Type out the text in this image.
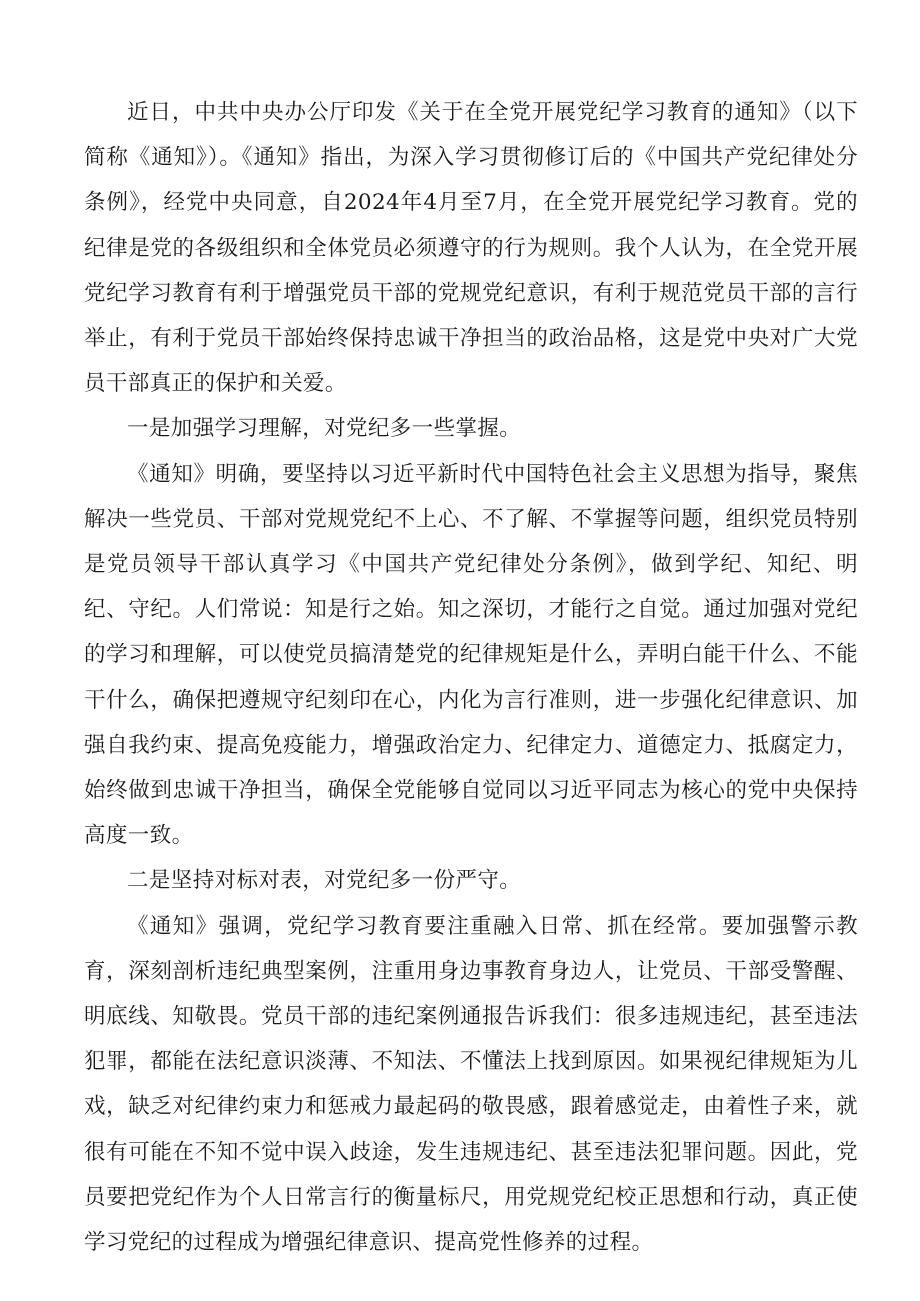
近日，中共中央办公厅印发《关于在全党开展党纪学习教育的通知》（以下简称《通知》）。《通知》指出，为深入学习贯彻修订后的《中国共产党纪律处分条例》，经党中央同意，自2024年4月至7月，在全党开展党纪学习教育。党的纪律是党的各级组织和全体党员必须遵守的行为规则。我个人认为，在全党开展党纪学习教育有利于增强党员干部的党规党纪意识，有利于规范党员干部的言行举止，有利于党员干部始终保持忠诚干净担当的政治品格，这是党中央对广大党员干部真正的保护和关爱。

一是加强学习理解，对党纪多一些掌握。

《通知》明确，要坚持以习近平新时代中国特色社会主义思想为指导，聚焦解决一些党员、干部对党规党纪不上心、不了解、不掌握等问题，组织党员特别是党员领导干部认真学习《中国共产党纪律处分条例》，做到学纪、知纪、明纪、守纪。人们常说：知是行之始。知之深切，才能行之自觉。通过加强对党纪的学习和理解，可以使党员搞清楚党的纪律规矩是什么，弄明白能干什么、不能干什么，确保把遵规守纪刻印在心，内化为言行准则，进一步强化纪律意识、加强自我约束、提高免疫能力，增强政治定力、纪律定力、道德定力、抵腐定力，始终做到忠诚干净担当，确保全党能够自觉同以习近平同志为核心的党中央保持高度一致。

二是坚持对标对表，对党纪多一份严守。

《通知》强调，党纪学习教育要注重融入日常、抓在经常。要加强警示教育，深刻剖析违纪典型案例，注重用身边事教育身边人，让党员、干部受警醒、明底线、知敬畏。党员干部的违纪案例通报告诉我们：很多违规违纪，甚至违法犯罪，都能在法纪意识淡薄、不知法、不懂法上找到原因。如果视纪律规矩为儿戏，缺乏对纪律约束力和惩戒力最起码的敬畏感，跟着感觉走，由着性子来，就很有可能在不知不觉中误入歧途，发生违规违纪、甚至违法犯罪问题。因此，党员要把党纪作为个人日常言行的衡量标尺，用党规党纪校正思想和行动，真正使学习党纪的过程成为增强纪律意识、提高党性修养的过程。
